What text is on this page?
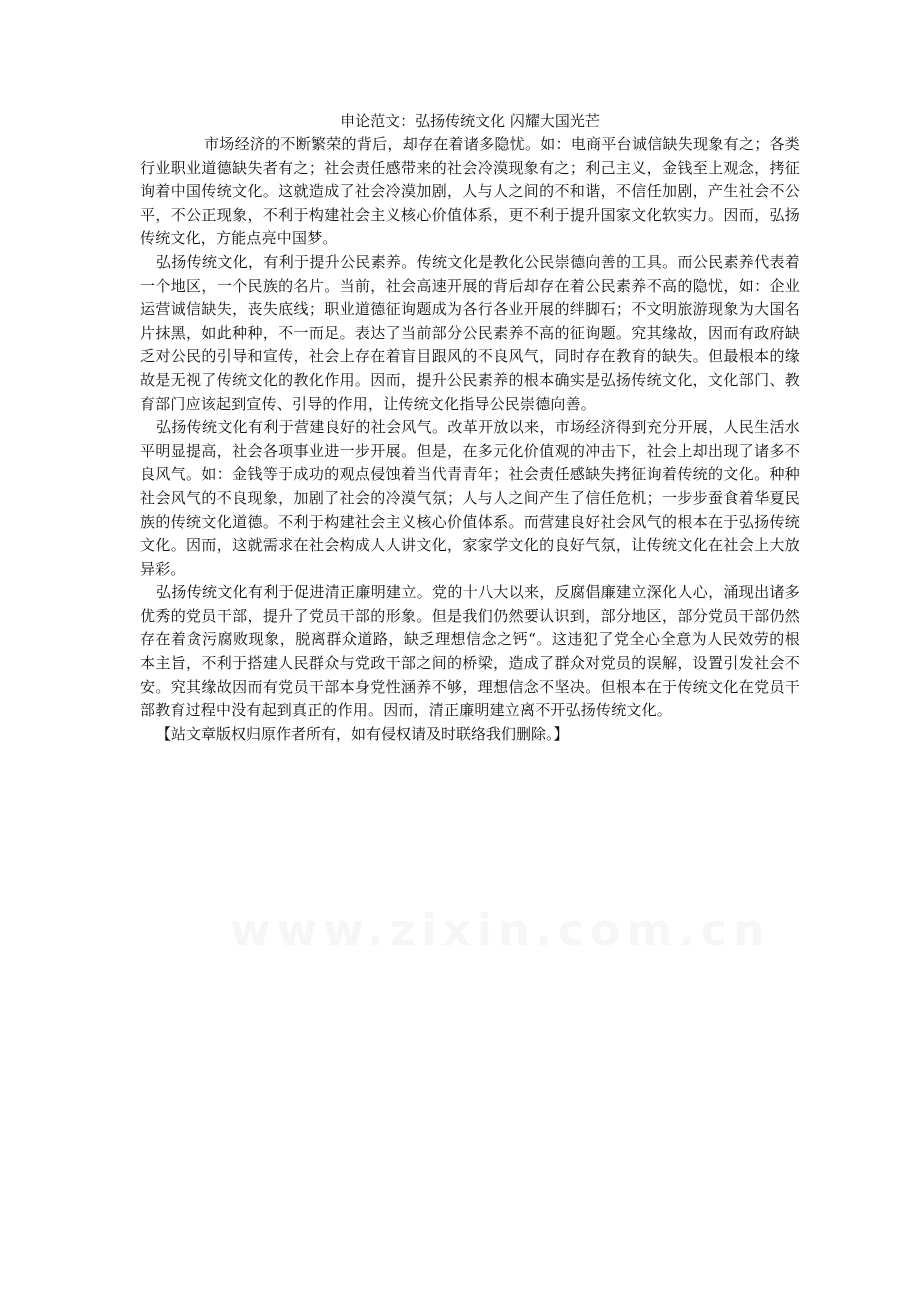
www.zixin.com.cn

申论范文：弘扬传统文化 闪耀大国光芒

市场经济的不断繁荣的背后，却存在着诸多隐忧。如：电商平台诚信缺失现象有之；各类行业职业道德缺失者有之；社会责任感带来的社会冷漠现象有之；利己主义，金钱至上观念，拷征询着中国传统文化。这就造成了社会冷漠加剧，人与人之间的不和谐，不信任加剧，产生社会不公平，不公正现象，不利于构建社会主义核心价值体系，更不利于提升国家文化软实力。因而，弘扬传统文化，方能点亮中国梦。

弘扬传统文化，有利于提升公民素养。传统文化是教化公民崇德向善的工具。而公民素养代表着一个地区，一个民族的名片。当前，社会高速开展的背后却存在着公民素养不高的隐忧，如：企业运营诚信缺失，丧失底线；职业道德征询题成为各行各业开展的绊脚石；不文明旅游现象为大国名片抹黑，如此种种，不一而足。表达了当前部分公民素养不高的征询题。究其缘故，因而有政府缺乏对公民的引导和宣传，社会上存在着盲目跟风的不良风气，同时存在教育的缺失。但最根本的缘故是无视了传统文化的教化作用。因而，提升公民素养的根本确实是弘扬传统文化，文化部门、教育部门应该起到宣传、引导的作用，让传统文化指导公民崇德向善。

弘扬传统文化有利于营建良好的社会风气。改革开放以来，市场经济得到充分开展，人民生活水平明显提高，社会各项事业进一步开展。但是，在多元化价值观的冲击下，社会上却出现了诸多不良风气。如：金钱等于成功的观点侵蚀着当代青青年；社会责任感缺失拷征询着传统的文化。种种社会风气的不良现象，加剧了社会的冷漠气氛；人与人之间产生了信任危机；一步步蚕食着华夏民族的传统文化道德。不利于构建社会主义核心价值体系。而营建良好社会风气的根本在于弘扬传统文化。因而，这就需求在社会构成人人讲文化，家家学文化的良好气氛，让传统文化在社会上大放异彩。

弘扬传统文化有利于促进清正廉明建立。党的十八大以来，反腐倡廉建立深化人心，涌现出诸多优秀的党员干部，提升了党员干部的形象。但是我们仍然要认识到，部分地区，部分党员干部仍然存在着贪污腐败现象，脱离群众道路，缺乏理想信念之钙“。这违犯了党全心全意为人民效劳的根本主旨，不利于搭建人民群众与党政干部之间的桥梁，造成了群众对党员的误解，设置引发社会不安。究其缘故因而有党员干部本身党性涵养不够，理想信念不坚决。但根本在于传统文化在党员干部教育过程中没有起到真正的作用。因而，清正廉明建立离不开弘扬传统文化。

【站文章版权归原作者所有，如有侵权请及时联络我们删除。】
